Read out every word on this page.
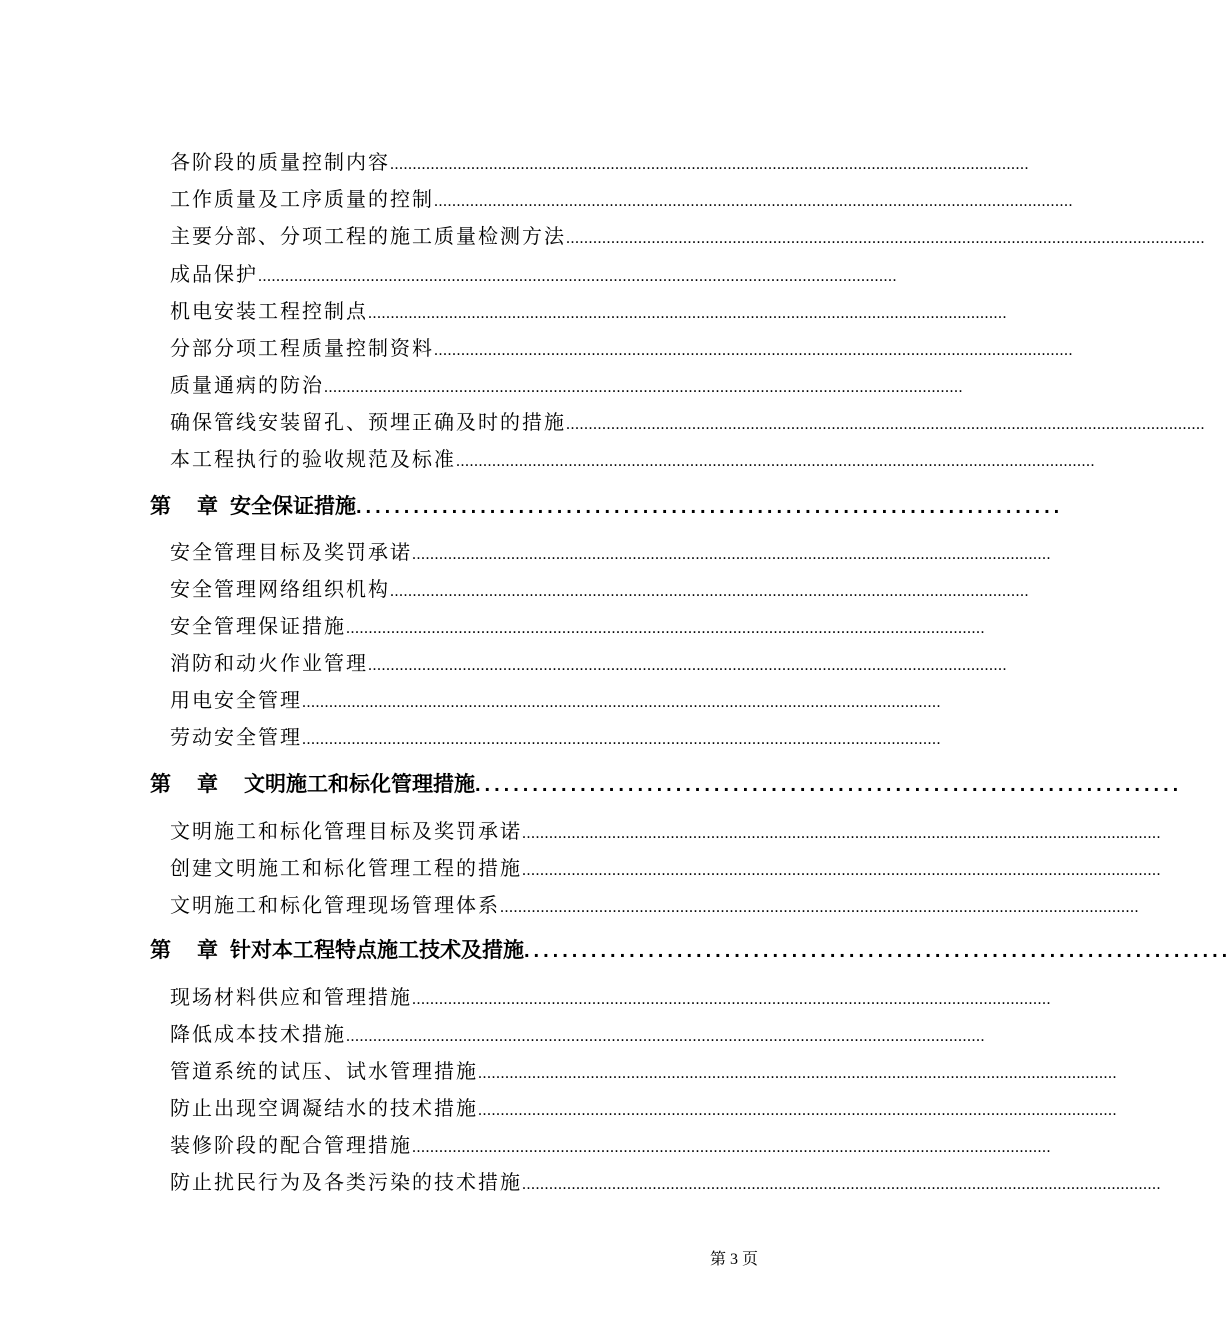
各阶段的质量控制内容 ..............................................................................................................................................
工作质量及工序质量的控制 ..............................................................................................................................................
主要分部、分项工程的施工质量检测方法 ..............................................................................................................................................
成品保护 ..............................................................................................................................................
机电安装工程控制点 ..............................................................................................................................................
分部分项工程质量控制资料 ..............................................................................................................................................
质量通病的防治 ..............................................................................................................................................
确保管线安装留孔、预埋正确及时的措施 ..............................................................................................................................................
本工程执行的验收规范及标准 ..............................................................................................................................................
第 章 安全保证措施 ..........................................................................
安全管理目标及奖罚承诺 ..............................................................................................................................................
安全管理网络组织机构 ..............................................................................................................................................
安全管理保证措施 ..............................................................................................................................................
消防和动火作业管理 ..............................................................................................................................................
用电安全管理 ..............................................................................................................................................
劳动安全管理 ..............................................................................................................................................
第 章 文明施工和标化管理措施 ..........................................................................
文明施工和标化管理目标及奖罚承诺 ..............................................................................................................................................
创建文明施工和标化管理工程的措施 ..............................................................................................................................................
文明施工和标化管理现场管理体系 ..............................................................................................................................................
第 章 针对本工程特点施工技术及措施 ..........................................................................
现场材料供应和管理措施 ..............................................................................................................................................
降低成本技术措施 ..............................................................................................................................................
管道系统的试压、试水管理措施 ..............................................................................................................................................
防止出现空调凝结水的技术措施 ..............................................................................................................................................
装修阶段的配合管理措施 ..............................................................................................................................................
防止扰民行为及各类污染的技术措施 ..............................................................................................................................................
第 3 页
